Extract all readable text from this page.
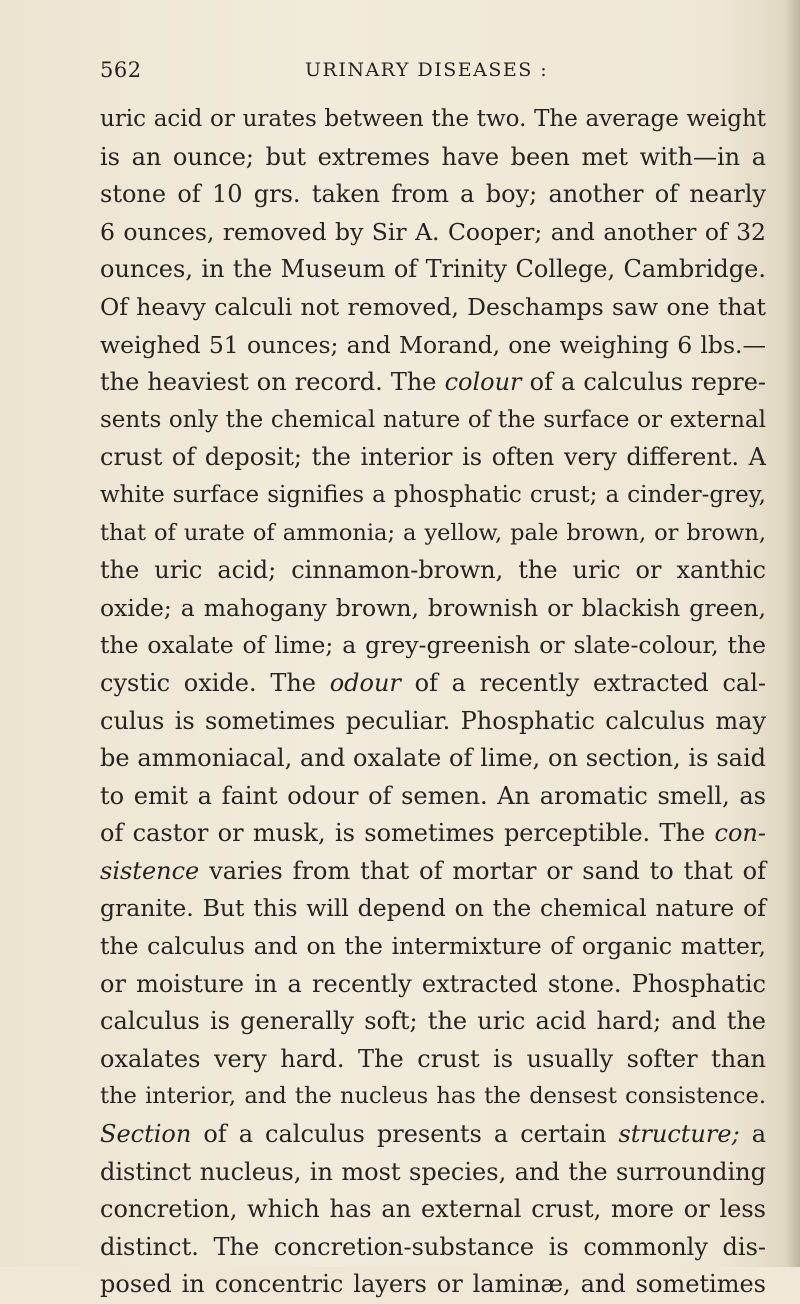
562	URINARY DISEASES :
uric acid or urates between the two. The average weight
is an ounce; but extremes have been met with—in a
stone of 10 grs. taken from a boy; another of nearly
6 ounces, removed by Sir A. Cooper; and another of 32
ounces, in the Museum of Trinity College, Cambridge.
Of heavy calculi not removed, Deschamps saw one that
weighed 51 ounces; and Morand, one weighing 6 lbs.—
the heaviest on record. The colour of a calculus repre-
sents only the chemical nature of the surface or external
crust of deposit; the interior is often very different. A
white surface signifies a phosphatic crust; a cinder-grey,
that of urate of ammonia; a yellow, pale brown, or brown,
the uric acid; cinnamon-brown, the uric or xanthic
oxide; a mahogany brown, brownish or blackish green,
the oxalate of lime; a grey-greenish or slate-colour, the
cystic oxide. The odour of a recently extracted cal-
culus is sometimes peculiar. Phosphatic calculus may
be ammoniacal, and oxalate of lime, on section, is said
to emit a faint odour of semen. An aromatic smell, as
of castor or musk, is sometimes perceptible. The con-
sistence varies from that of mortar or sand to that of
granite. But this will depend on the chemical nature of
the calculus and on the intermixture of organic matter,
or moisture in a recently extracted stone. Phosphatic
calculus is generally soft; the uric acid hard; and the
oxalates very hard. The crust is usually softer than
the interior, and the nucleus has the densest consistence.
Section of a calculus presents a certain structure; a
distinct nucleus, in most species, and the surrounding
concretion, which has an external crust, more or less
distinct. The concretion-substance is commonly dis-
posed in concentric layers or laminæ, and sometimes
